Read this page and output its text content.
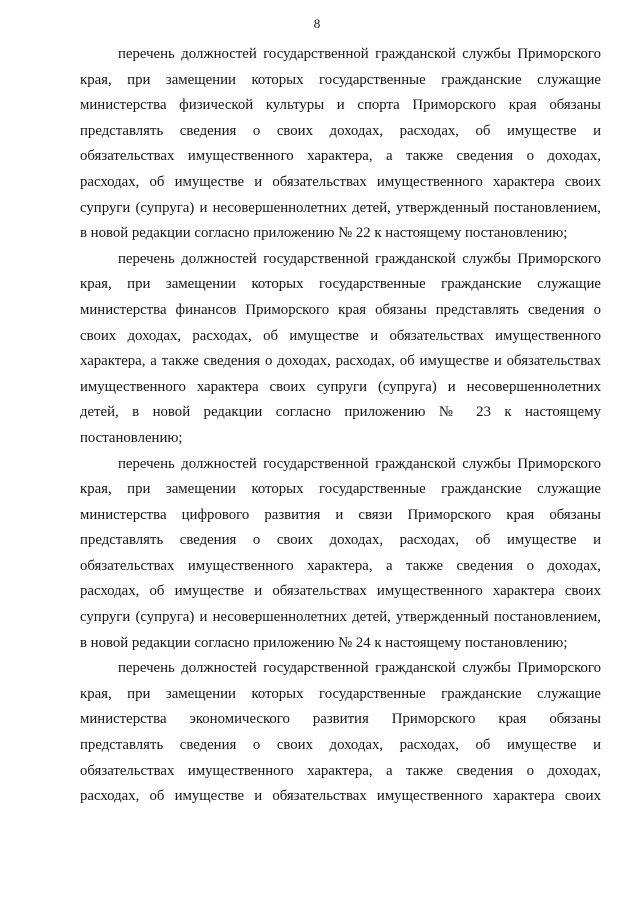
8
перечень должностей государственной гражданской службы Приморского
края, при замещении которых государственные гражданские служащие
министерства физической культуры и спорта Приморского края обязаны
представлять сведения о своих доходах, расходах, об имуществе и
обязательствах имущественного характера, а также сведения о доходах,
расходах, об имуществе и обязательствах имущественного характера своих
супруги (супруга) и несовершеннолетних детей, утвержденный постановлением,
в новой редакции согласно приложению № 22 к настоящему постановлению;
перечень должностей государственной гражданской службы Приморского
края, при замещении которых государственные гражданские служащие
министерства финансов Приморского края обязаны представлять сведения о
своих доходах, расходах, об имуществе и обязательствах имущественного
характера, а также сведения о доходах, расходах, об имуществе и обязательствах
имущественного характера своих супруги (супруга) и несовершеннолетних
детей, в новой редакции согласно приложению № 23 к настоящему
постановлению;
перечень должностей государственной гражданской службы Приморского
края, при замещении которых государственные гражданские служащие
министерства цифрового развития и связи Приморского края обязаны
представлять сведения о своих доходах, расходах, об имуществе и
обязательствах имущественного характера, а также сведения о доходах,
расходах, об имуществе и обязательствах имущественного характера своих
супруги (супруга) и несовершеннолетних детей, утвержденный постановлением,
в новой редакции согласно приложению № 24 к настоящему постановлению;
перечень должностей государственной гражданской службы Приморского
края, при замещении которых государственные гражданские служащие
министерства экономического развития Приморского края обязаны
представлять сведения о своих доходах, расходах, об имуществе и
обязательствах имущественного характера, а также сведения о доходах,
расходах, об имуществе и обязательствах имущественного характера своих
